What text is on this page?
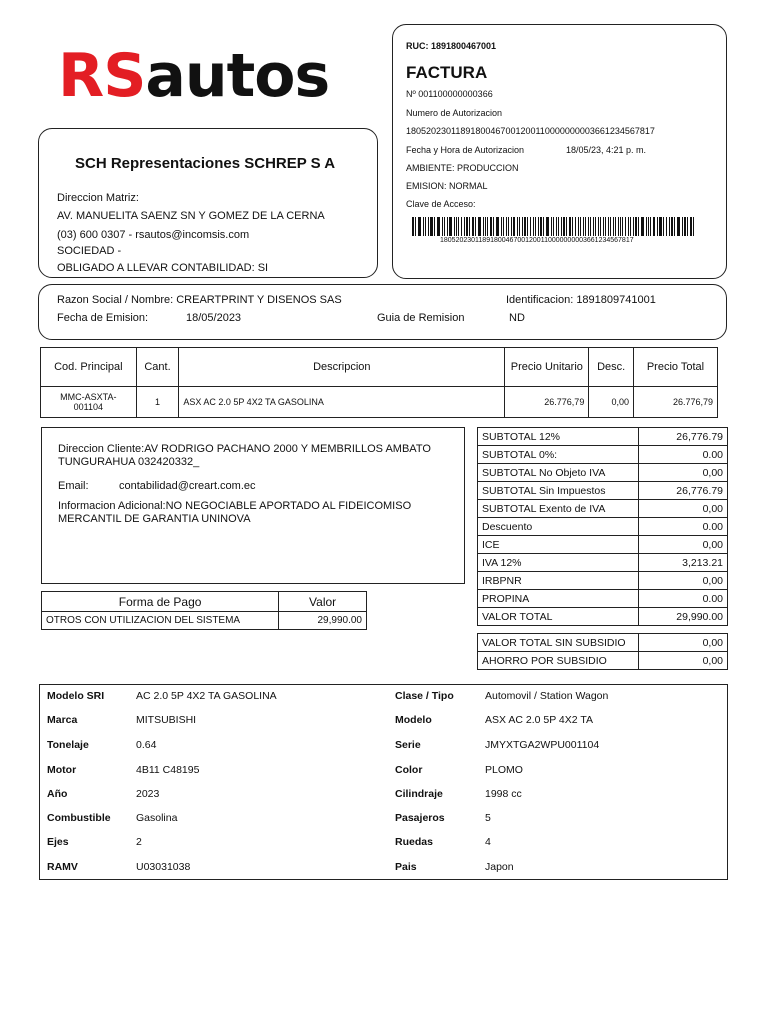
RSautos
SCH Representaciones SCHREP S A
Direccion Matriz:
AV. MANUELITA SAENZ SN Y GOMEZ DE LA CERNA
(03) 600 0307 - rsautos@incomsis.com
SOCIEDAD -
OBLIGADO A LLEVAR CONTABILIDAD: SI
RUC: 1891800467001
FACTURA
Nº 001100000000366
Numero de Autorizacion
18052023011891800467001200110000000003661234567817
Fecha y Hora de Autorizacion	18/05/23, 4:21 p. m.
AMBIENTE: PRODUCCION
EMISION: NORMAL
Clave de Acceso:
18052023011891800467001200110000000003661234567817
Razon Social / Nombre: CREARTPRINT Y DISENOS SAS	Identificacion: 1891809741001
Fecha de Emision:	18/05/2023	Guia de Remision	ND
Cod. Principal	Cant.	Descripcion	Precio Unitario	Desc.	Precio Total
MMC-ASXTA-
001104	1	ASX AC 2.0 5P 4X2 TA GASOLINA	26.776,79	0,00	26.776,79
Direccion Cliente:AV RODRIGO PACHANO 2000 Y MEMBRILLOS AMBATO
TUNGURAHUA 032420332_
Email:	contabilidad@creart.com.ec
Informacion Adicional:NO NEGOCIABLE APORTADO AL FIDEICOMISO
MERCANTIL DE GARANTIA UNINOVA
Forma de Pago	Valor
OTROS CON UTILIZACION DEL SISTEMA	29,990.00
SUBTOTAL 12%	26,776.79
SUBTOTAL 0%:	0.00
SUBTOTAL No Objeto IVA	0,00
SUBTOTAL Sin Impuestos	26,776.79
SUBTOTAL Exento de IVA	0,00
Descuento	0.00
ICE	0,00
IVA 12%	3,213.21
IRBPNR	0,00
PROPINA	0.00
VALOR TOTAL	29,990.00
VALOR TOTAL SIN SUBSIDIO	0,00
AHORRO POR SUBSIDIO	0,00
Modelo SRI	AC 2.0 5P 4X2 TA GASOLINA	Clase / Tipo	Automovil / Station Wagon
Marca	MITSUBISHI	Modelo	ASX AC 2.0 5P 4X2 TA
Tonelaje	0.64	Serie	JMYXTGA2WPU001104
Motor	4B11 C48195	Color	PLOMO
Año	2023	Cilindraje	1998 cc
Combustible Gasolina	Pasajeros	5
Ejes	2	Ruedas	4
RAMV	U03031038	Pais	Japon
